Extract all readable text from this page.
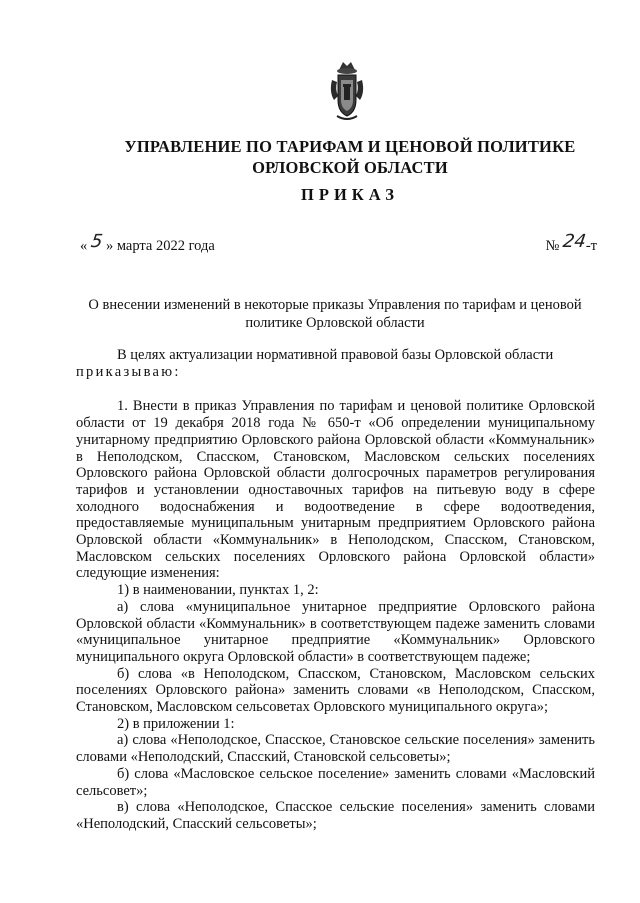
УПРАВЛЕНИЕ ПО ТАРИФАМ И ЦЕНОВОЙ ПОЛИТИКЕ
ОРЛОВСКОЙ ОБЛАСТИ
ПРИКАЗ
« 5 » марта 2022 года	№ 24-т
О внесении изменений в некоторые приказы Управления по тарифам и ценовой
политике Орловской области

В целях актуализации нормативной правовой базы Орловской области

приказываю:

1. Внести в приказ Управления по тарифам и ценовой политике Орловской области от 19 декабря 2018 года № 650-т «Об определении муниципальному унитарному предприятию Орловского района Орловской области «Коммунальник» в Неполодском, Спасском, Становском, Масловском сельских поселениях Орловского района Орловской области долгосрочных параметров регулирования тарифов и установлении одноставочных тарифов на питьевую воду в сфере холодного водоснабжения и водоотведение в сфере водоотведения, предоставляемые муниципальным унитарным предприятием Орловского района Орловской области «Коммунальник» в Неполодском, Спасском, Становском, Масловском сельских поселениях Орловского района Орловской области» следующие изменения:

1) в наименовании, пунктах 1, 2:

а) слова «муниципальное унитарное предприятие Орловского района Орловской области «Коммунальник» в соответствующем падеже заменить словами «муниципальное унитарное предприятие «Коммунальник» Орловского муниципального округа Орловской области» в соответствующем падеже;

б) слова «в Неполодском, Спасском, Становском, Масловском сельских поселениях Орловского района» заменить словами «в Неполодском, Спасском, Становском, Масловском сельсоветах Орловского муниципального округа»;

2) в приложении 1:

а) слова «Неполодское, Спасское, Становское сельские поселения» заменить словами «Неполодский, Спасский, Становской сельсоветы»;

б) слова «Масловское сельское поселение» заменить словами «Масловский сельсовет»;

в) слова «Неполодское, Спасское сельские поселения» заменить словами «Неполодский, Спасский сельсоветы»;
